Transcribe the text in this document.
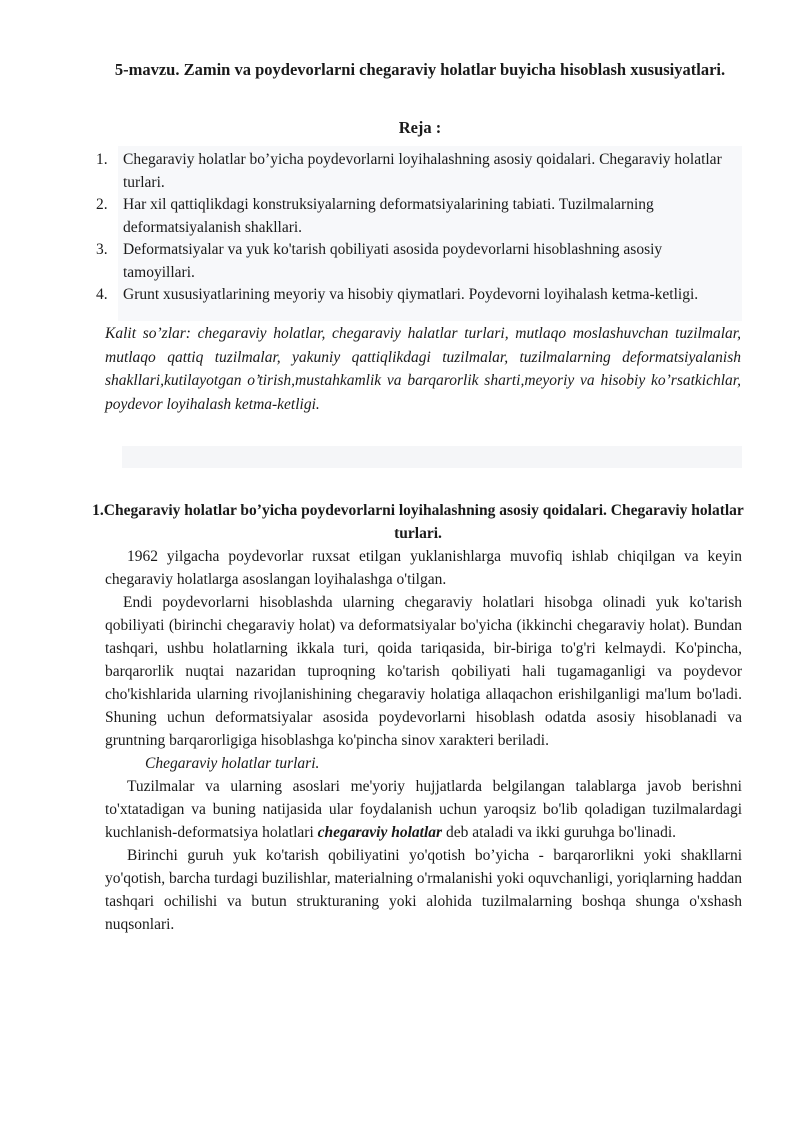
5-mavzu. Zamin va poydevorlarni chegaraviy holatlar buyicha hisoblash xususiyatlari.
Reja :
1. Chegaraviy holatlar bo’yicha poydevorlarni loyihalashning asosiy qoidalari. Chegaraviy holatlar turlari.
2. Har xil qattiqlikdagi konstruksiyalarning deformatsiyalarining tabiati. Tuzilmalarning deformatsiyalanish shakllari.
3. Deformatsiyalar va yuk ko'tarish qobiliyati asosida poydevorlarni hisoblashning asosiy tamoyillari.
4. Grunt xususiyatlarining meyoriy va hisobiy qiymatlari. Poydevorni loyihalash ketma-ketligi.
Kalit so’zlar: chegaraviy holatlar, chegaraviy halatlar turlari, mutlaqo moslashuvchan tuzilmalar, mutlaqo qattiq tuzilmalar, yakuniy qattiqlikdagi tuzilmalar, tuzilmalarning deformatsiyalanish shakllari,kutilayotgan o’tirish,mustahkamlik va barqarorlik sharti,meyoriy va hisobiy ko’rsatkichlar, poydevor loyihalash ketma-ketligi.
1.Chegaraviy holatlar bo’yicha poydevorlarni loyihalashning asosiy qoidalari. Chegaraviy holatlar turlari.

1962 yilgacha poydevorlar ruxsat etilgan yuklanishlarga muvofiq ishlab chiqilgan va keyin chegaraviy holatlarga asoslangan loyihalashga o'tilgan.

Endi poydevorlarni hisoblashda ularning chegaraviy holatlari hisobga olinadi yuk ko'tarish qobiliyati (birinchi chegaraviy holat) va deformatsiyalar bo'yicha (ikkinchi chegaraviy holat). Bundan tashqari, ushbu holatlarning ikkala turi, qoida tariqasida, bir-biriga to'g'ri kelmaydi. Ko'pincha, barqarorlik nuqtai nazaridan tuproqning ko'tarish qobiliyati hali tugamaganligi va poydevor cho'kishlarida ularning rivojlanishining chegaraviy holatiga allaqachon erishilganligi ma'lum bo'ladi. Shuning uchun deformatsiyalar asosida poydevorlarni hisoblash odatda asosiy hisoblanadi va gruntning barqarorligiga hisoblashga ko'pincha sinov xarakteri beriladi.

Chegaraviy holatlar turlari.

Tuzilmalar va ularning asoslari me'yoriy hujjatlarda belgilangan talablarga javob berishni to'xtatadigan va buning natijasida ular foydalanish uchun yaroqsiz bo'lib qoladigan tuzilmalardagi kuchlanish-deformatsiya holatlari chegaraviy holatlar deb ataladi va ikki guruhga bo'linadi.

Birinchi guruh yuk ko'tarish qobiliyatini yo'qotish bo’yicha - barqarorlikni yoki shakllarni yo'qotish, barcha turdagi buzilishlar, materialning o'rmalanishi yoki oquvchanligi, yoriqlarning haddan tashqari ochilishi va butun strukturaning yoki alohida tuzilmalarning boshqa shunga o'xshash nuqsonlari.
